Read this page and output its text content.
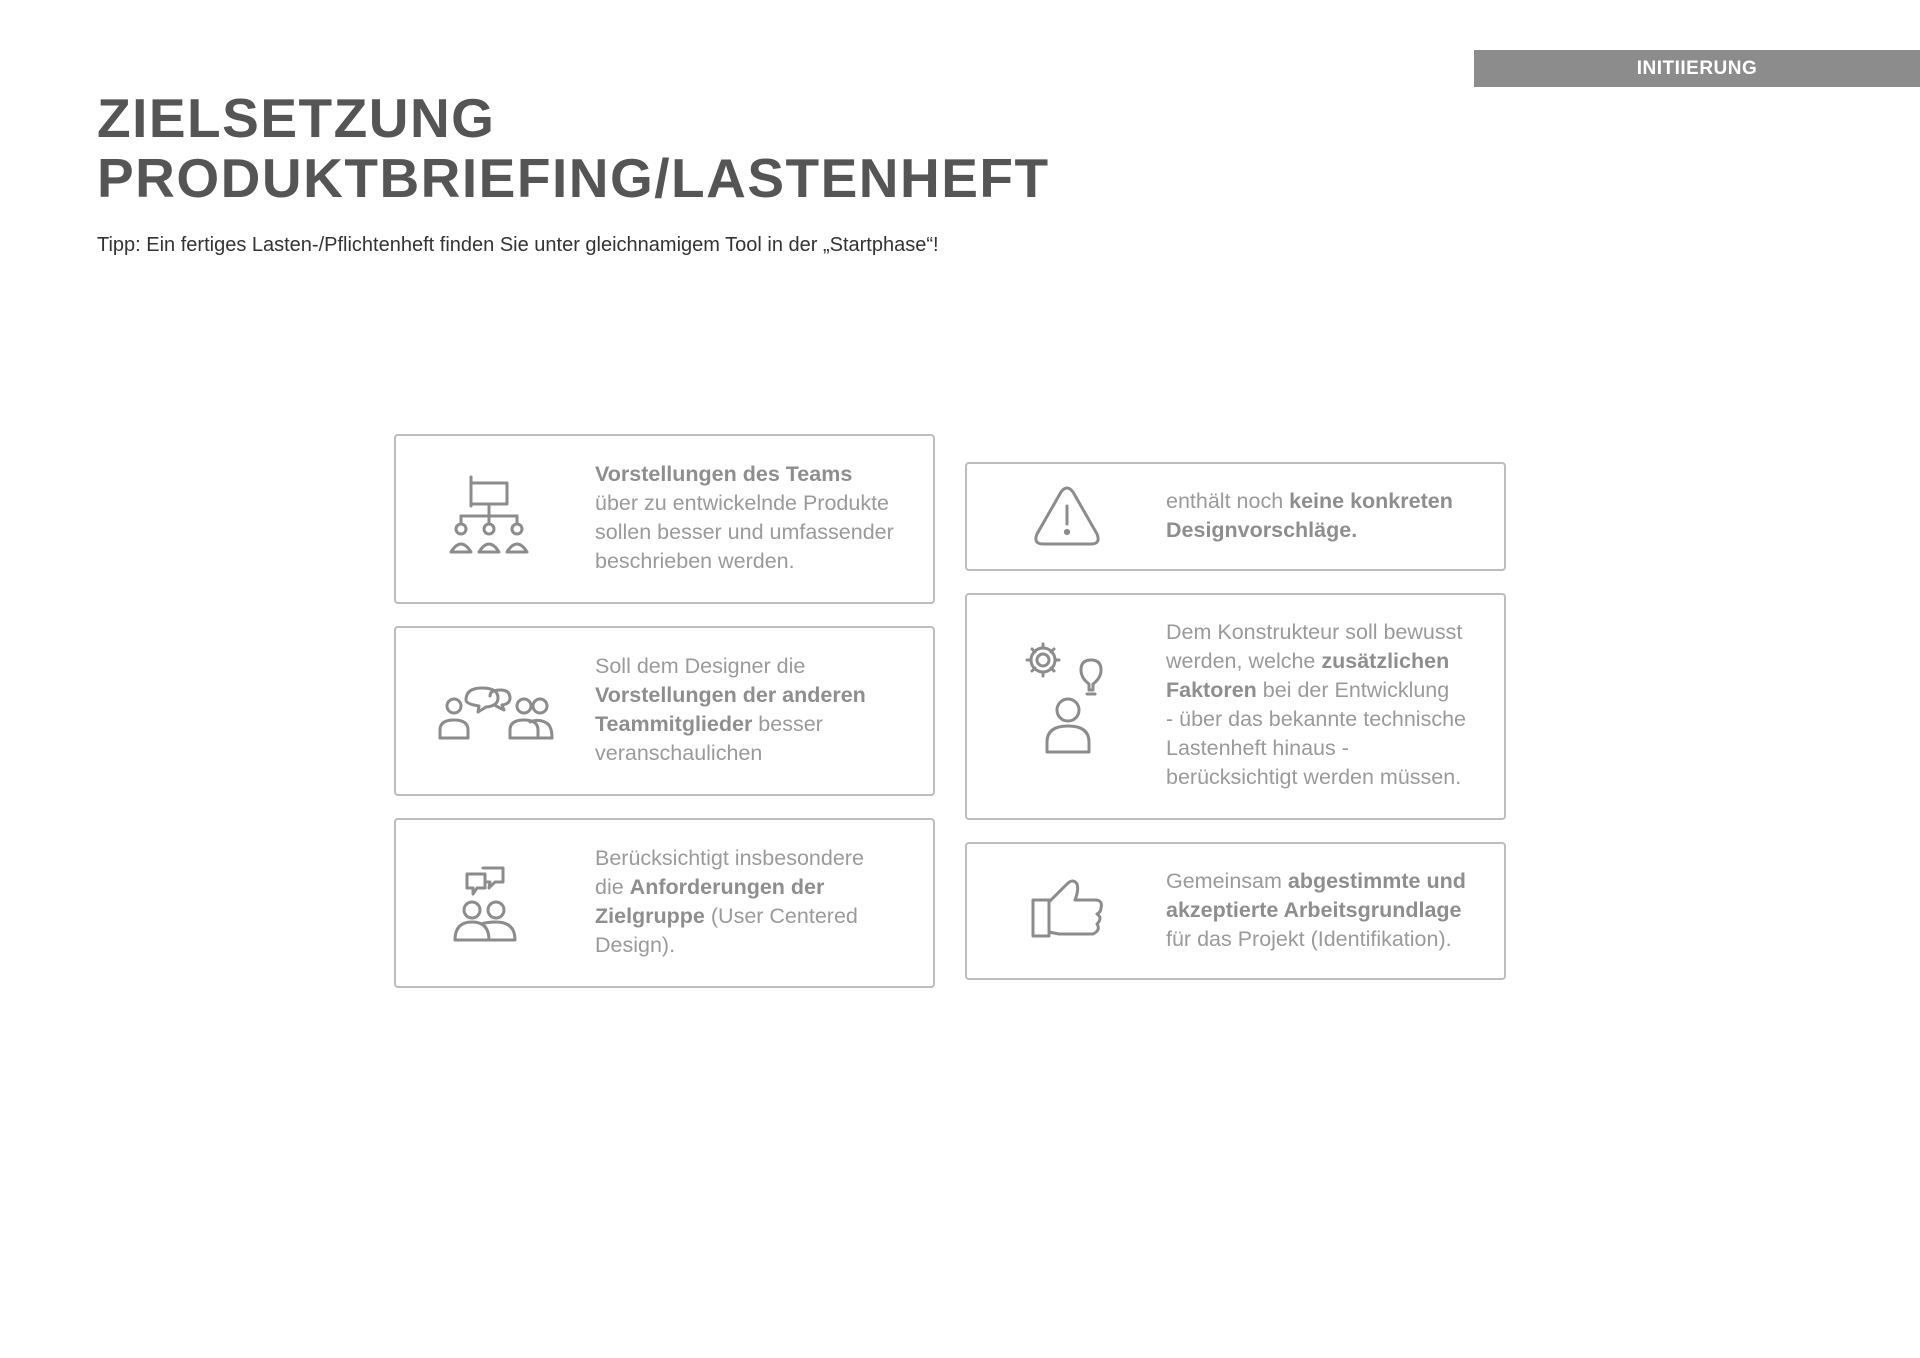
INITIIERUNG
ZIELSETZUNG
PRODUKTBRIEFING/LASTENHEFT
Tipp: Ein fertiges Lasten-/Pflichtenheft finden Sie unter gleichnamigem Tool in der „Startphase“!
Vorstellungen des Teams
über zu entwickelnde Produkte
sollen besser und umfassender
beschrieben werden.
Soll dem Designer die
Vorstellungen der anderen
Teammitglieder besser
veranschaulichen
Berücksichtigt insbesondere
die Anforderungen der
Zielgruppe (User Centered
Design).
enthält noch keine konkreten
Designvorschläge.
Dem Konstrukteur soll bewusst
werden, welche zusätzlichen
Faktoren bei der Entwicklung
- über das bekannte technische
Lastenheft hinaus -
berücksichtigt werden müssen.
Gemeinsam abgestimmte und
akzeptierte Arbeitsgrundlage
für das Projekt (Identifikation).
